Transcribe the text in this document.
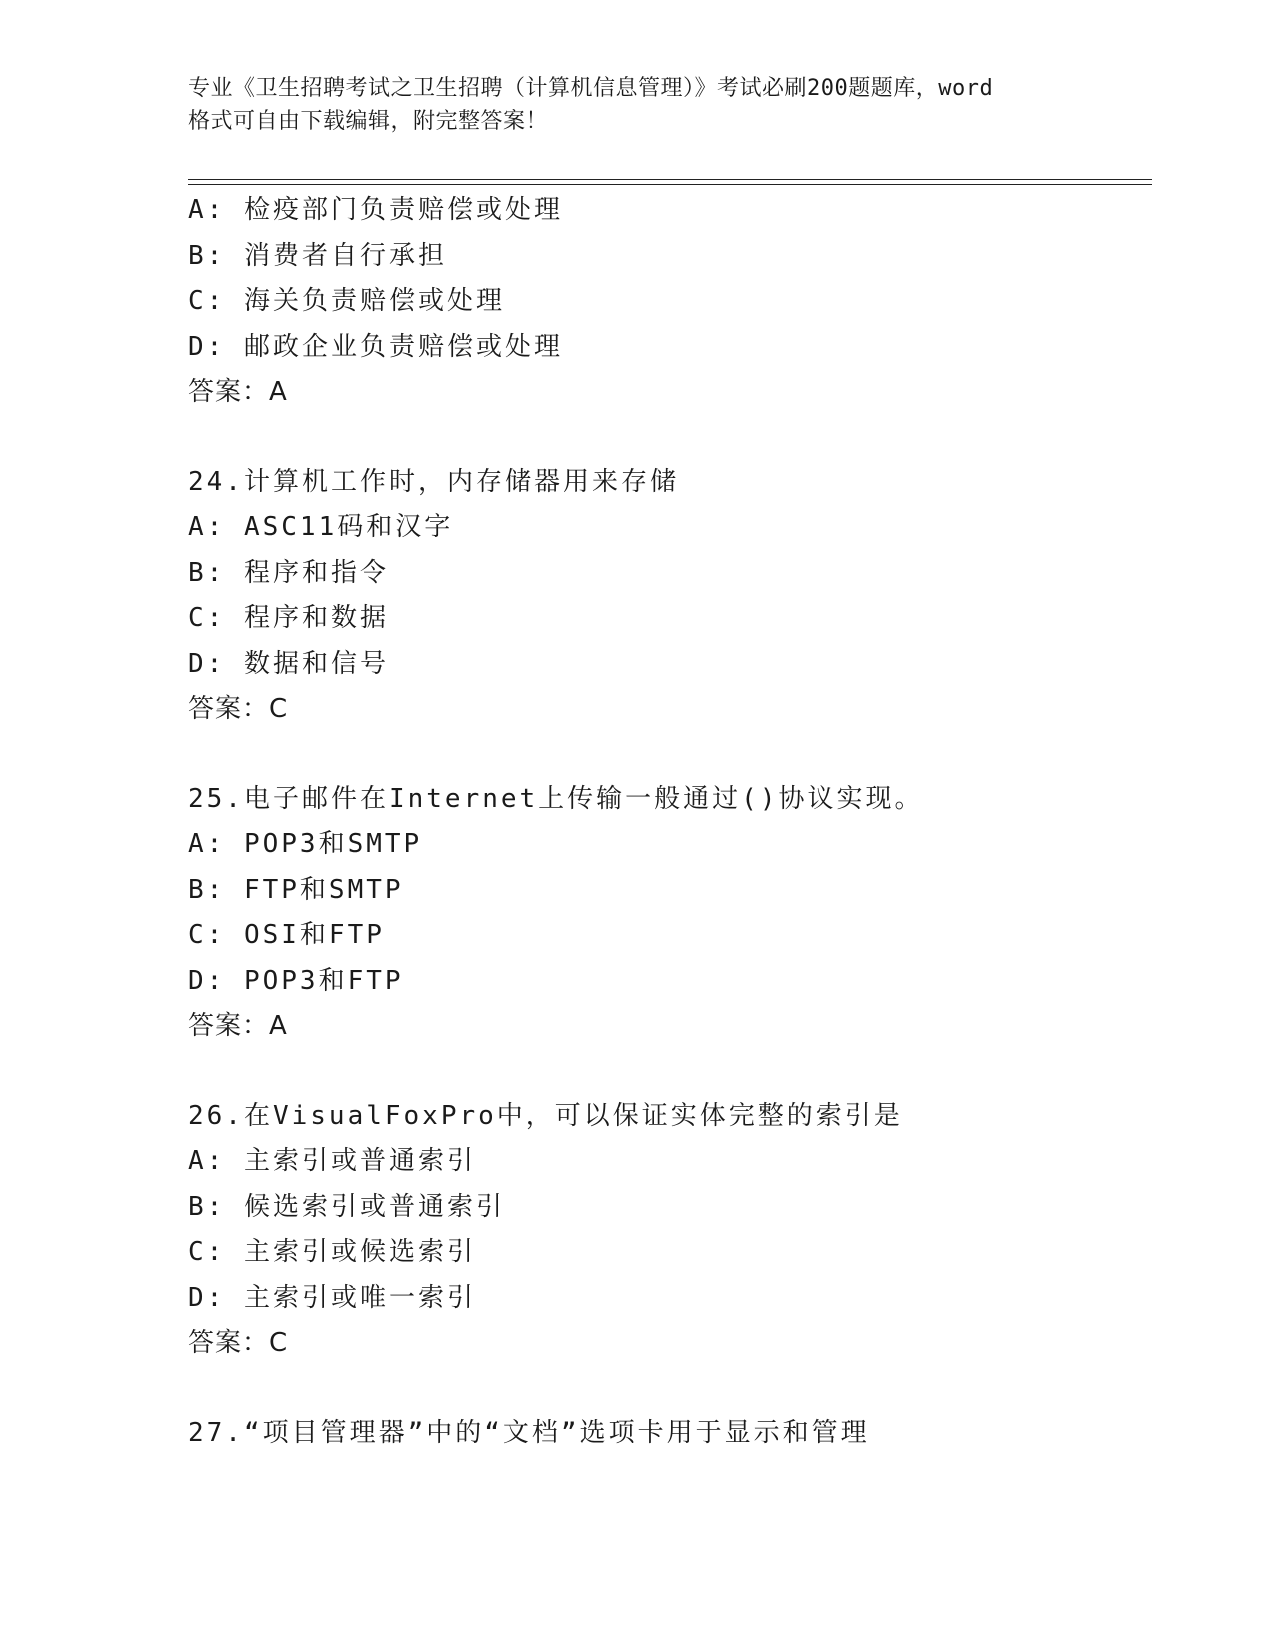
专业《卫生招聘考试之卫生招聘（计算机信息管理）》考试必刷200题题库，word
格式可自由下载编辑，附完整答案！
A: 检疫部门负责赔偿或处理
B: 消费者自行承担
C: 海关负责赔偿或处理
D: 邮政企业负责赔偿或处理
答案：A
24.计算机工作时，内存储器用来存储
A: ASC11码和汉字
B: 程序和指令
C: 程序和数据
D: 数据和信号
答案：C
25.电子邮件在Internet上传输一般通过()协议实现。
A: POP3和SMTP
B: FTP和SMTP
C: OSI和FTP
D: POP3和FTP
答案：A
26.在VisualFoxPro中，可以保证实体完整的索引是
A: 主索引或普通索引
B: 候选索引或普通索引
C: 主索引或候选索引
D: 主索引或唯一索引
答案：C
27.“项目管理器”中的“文档”选项卡用于显示和管理
